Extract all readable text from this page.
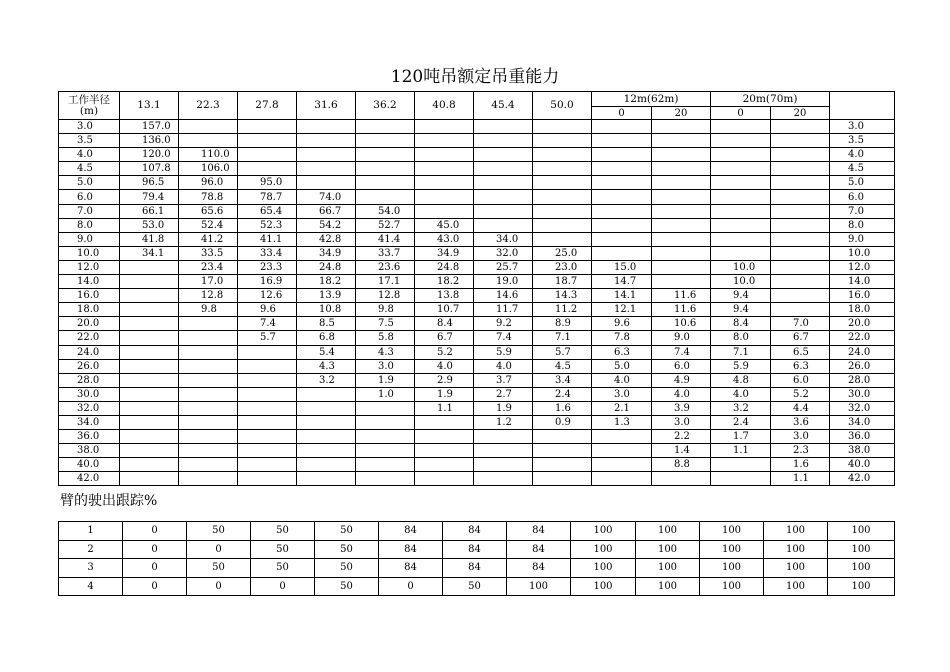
120吨吊额定吊重能力
工作半径
(m)	13.1	22.3	27.8	31.6	36.2	40.8	45.4	50.0	12m(62m)		20m(70m)		
									0	20	0	20	
3.0	157.0												3.0
3.5	136.0												3.5
4.0	120.0	110.0											4.0
4.5	107.8	106.0											4.5
5.0	96.5	96.0	95.0										5.0
6.0	79.4	78.8	78.7	74.0									6.0
7.0	66.1	65.6	65.4	66.7	54.0								7.0
8.0	53.0	52.4	52.3	54.2	52.7	45.0							8.0
9.0	41.8	41.2	41.1	42.8	41.4	43.0	34.0						9.0
10.0	34.1	33.5	33.4	34.9	33.7	34.9	32.0	25.0					10.0
12.0		23.4	23.3	24.8	23.6	24.8	25.7	23.0	15.0		10.0		12.0
14.0		17.0	16.9	18.2	17.1	18.2	19.0	18.7	14.7		10.0		14.0
16.0		12.8	12.6	13.9	12.8	13.8	14.6	14.3	14.1	11.6	9.4		16.0
18.0		9.8	9.6	10.8	9.8	10.7	11.7	11.2	12.1	11.6	9.4		18.0
20.0			7.4	8.5	7.5	8.4	9.2	8.9	9.6	10.6	8.4	7.0	20.0
22.0			5.7	6.8	5.8	6.7	7.4	7.1	7.8	9.0	8.0	6.7	22.0
24.0				5.4	4.3	5.2	5.9	5.7	6.3	7.4	7.1	6.5	24.0
26.0				4.3	3.0	4.0	4.0	4.5	5.0	6.0	5.9	6.3	26.0
28.0				3.2	1.9	2.9	3.7	3.4	4.0	4.9	4.8	6.0	28.0
30.0					1.0	1.9	2.7	2.4	3.0	4.0	4.0	5.2	30.0
32.0						1.1	1.9	1.6	2.1	3.9	3.2	4.4	32.0
34.0							1.2	0.9	1.3	3.0	2.4	3.6	34.0
36.0										2.2	1.7	3.0	36.0
38.0										1.4	1.1	2.3	38.0
40.0										8.8		1.6	40.0
42.0												1.1	42.0
臂的驶出跟踪%
1	0	50	50	50	84	84	84	100	100	100	100	100
2	0	0	50	50	84	84	84	100	100	100	100	100
3	0	50	50	50	84	84	84	100	100	100	100	100
4	0	0	0	50	0	50	100	100	100	100	100	100
